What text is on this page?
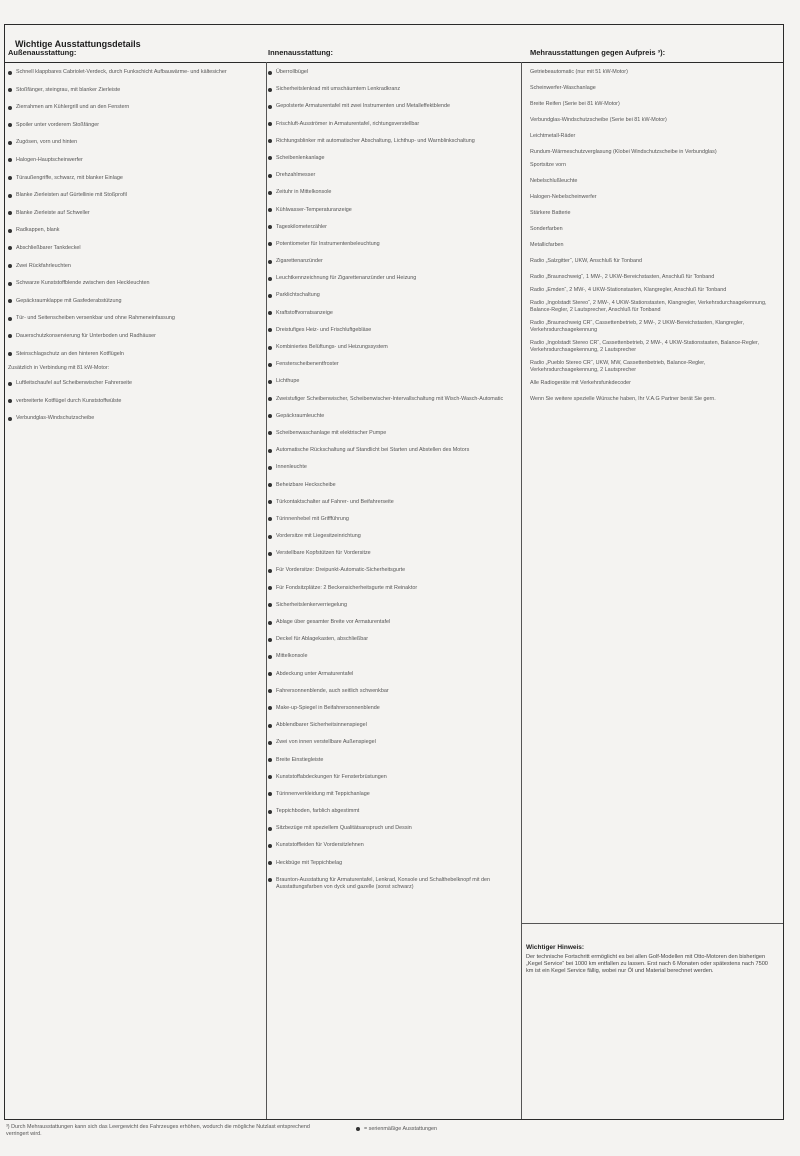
Wichtige Ausstattungsdetails
Außenausstattung:
Schnell klappbares Cabriolet-Verdeck, durch Funkschicht Aufbauwärme- und kältesicher
Stoßfänger, steingrau, mit blanker Zierleiste
Zierrahmen am Kühlergrill und an den Fenstern
Spoiler unter vorderem Stoßfänger
Zugösen, vorn und hinten
Halogen-Hauptscheinwerfer
Türaußengriffe, schwarz, mit blanker Einlage
Blanke Zierleisten auf Gürtellinie mit Stoßprofil
Blanke Zierleiste auf Schweller
Radkappen, blank
Abschließbarer Tankdeckel
Zwei Rückfahrleuchten
Schwarze Kunststoffblende zwischen den Heckleuchten
Gepäckraumklappe mit Gasfederabstützung
Tür- und Seitenscheiben versenkbar und ohne Rahmeneinfassung
Dauerschutzkonservierung für Unterboden und Radhäuser
Steinschlagschutz an den hinteren Kotflügeln
Zusätzlich in Verbindung mit 81 kW-Motor:
Luftleitschaufel auf Scheibenwischer Fahrerseite
verbreiterte Kotflügel durch Kunststoffwülste
Verbundglas-Windschutzscheibe
Innenausstattung:
Überrollbügel
Sicherheitslenkrad mit umschäumtem Lenkradkranz
Gepolsterte Armaturentafel mit zwei Instrumenten und Metalleffektblende
Frischluft-Ausströmer in Armaturentafel, richtungsverstellbar
Richtungsblinker mit automatischer Abschaltung, Lichthup- und Warnblinkschaltung
Scheibenlenkanlage
Drehzahlmesser
Zeituhr in Mittelkonsole
Kühlwasser-Temperaturanzeige
Tageskilometerzähler
Potentiometer für Instrumentenbeleuchtung
Zigarettenanzünder
Leuchtkennzeichnung für Zigarettenanzünder und Heizung
Parklichtschaltung
Kraftstoffvorratsanzeige
Dreistufiges Heiz- und Frischluftgebläse
Kombiniertes Belüftungs- und Heizungssystem
Fensterscheibenentfroster
Lichthupe
Zweistufiger Scheibenwischer, Scheibenwischer-Intervallschaltung mit Wisch-Wasch-Automatic
Gepäckraumleuchte
Scheibenwaschanlage mit elektrischer Pumpe
Automatische Rückschaltung auf Standlicht bei Starten und Abstellen des Motors
Innenleuchte
Beheizbare Heckscheibe
Türkontaktschalter auf Fahrer- und Beifahrerseite
Türinnenhebel mit Griffführung
Vordersitze mit Liegesitzeinrichtung
Verstellbare Kopfstützen für Vordersitze
Für Vordersitze: Dreipunkt-Automatic-Sicherheitsgurte
Für Fondsitzplätze: 2 Beckensicherheitsgurte mit Reinaktor
Sicherheitslenkerverriegelung
Ablage über gesamter Breite vor Armaturentafel
Deckel für Ablagekasten, abschließbar
Mittelkonsole
Abdeckung unter Armaturentafel
Fahrersonnenblende, auch seitlich schwenkbar
Make-up-Spiegel in Beifahrersonnenblende
Abblendbarer Sicherheitsinnenspiegel
Zwei von innen verstellbare Außenspiegel
Breite Einstiegleiste
Kunststoffabdeckungen für Fensterbrüstungen
Türinnenverkleidung mit Teppichanlage
Teppichboden, farblich abgestimmt
Sitzbezüge mit speziellem Qualitätsanspruch und Dessin
Kunststoffleiden für Vordersitzlehnen
Heckbüge mit Teppichbelag
Braunton-Ausstattung für Armaturentafel, Lenkrad, Konsole und Schalthebelknopf mit den Ausstattungsfarben von dyck und gazelle (sonst schwarz)
Mehrausstattungen gegen Aufpreis ³):
Getriebeautomatic (nur mit 51 kW-Motor)
Scheinwerfer-Waschanlage
Breite Reifen (Serie bei 81 kW-Motor)
Verbundglas-Windschutzscheibe (Serie bei 81 kW-Motor)
Leichtmetall-Räder
Rundum-Wärmeschutzverglasung (Klobei Windschutzscheibe in Verbundglas)
Sportsitze vorn
Nebelschlußleuchte
Halogen-Nebelscheinwerfer
Stärkere Batterie
Sonderfarben
Metallicfarben
Radio „Salzgitter“, UKW, Anschluß für Tonband
Radio „Braunschweig“, 1 MW-, 2 UKW-Bereichstasten, Anschluß für Tonband
Radio „Emden“, 2 MW-, 4 UKW-Stationstasten, Klangregler, Anschluß für Tonband
Radio „Ingolstadt Stereo“, 2 MW-, 4 UKW-Stationstasten, Klangregler, Verkehrsdurchsagekennung, Balance-Regler, 2 Lautsprecher, Anschluß für Tonband
Radio „Braunschweig CR“, Cassettenbetrieb, 2 MW-, 2 UKW-Bereichstasten, Klangregler, Verkehrsdurchsagekennung
Radio „Ingolstadt Stereo CR“, Cassettenbetrieb, 2 MW-, 4 UKW-Stationstasten, Balance-Regler, Verkehrsdurchsagekennung, 2 Lautsprecher
Radio „Pueblo Stereo CR“, UKW, MW, Cassettenbetrieb, Balance-Regler, Verkehrsdurchsagekennung, 2 Lautsprecher
Alle Radiogeräte mit Verkehrsfunkdecoder
Wenn Sie weitere spezielle Wünsche haben, Ihr V.A.G Partner berät Sie gern.
Wichtiger Hinweis:
Der technische Fortschritt ermöglicht es bei allen Golf-Modellen mit Otto-Motoren den bisherigen „Kegel Service“ bei 1000 km entfallen zu lassen. Erst nach 6 Monaten oder spätestens nach 7500 km ist ein Kegel Service fällig, wobei nur Öl und Material berechnet werden.
³) Durch Mehrausstattungen kann sich das Leergewicht des Fahrzeuges erhöhen, wodurch die mögliche Nutzlast entsprechend verringert wird.
= serienmäßige Ausstattungen
